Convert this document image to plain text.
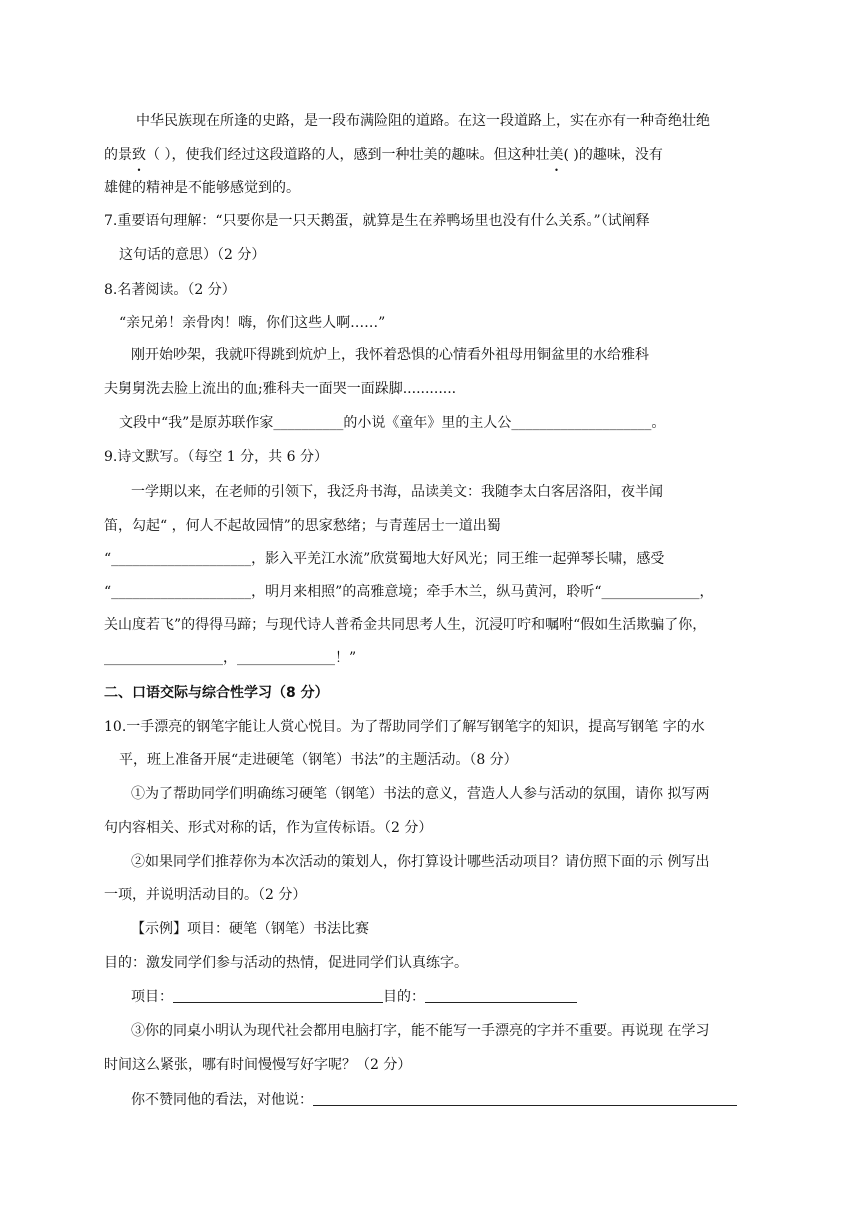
中华民族现在所逢的史路，是一段布满险阻的道路。在这一段道路上，实在亦有一种奇绝壮绝
的景致（ ），使我们经过这段道路的人，感到一种壮美的趣味。但这种壮美( )的趣味，没有
雄健的精神是不能够感觉到的。
7.重要语句理解：“只要你是一只天鹅蛋，就算是生在养鸭场里也没有什么关系。”（试阐释
这句话的意思）（2 分）
8.名著阅读。（2 分）
“亲兄弟！亲骨肉！嗨，你们这些人啊……”
刚开始吵架，我就吓得跳到炕炉上，我怀着恐惧的心情看外祖母用铜盆里的水给雅科
夫舅舅洗去脸上流出的血;雅科夫一面哭一面跺脚............
文段中“我”是原苏联作家__________的小说《童年》里的主人公____________________。
9.诗文默写。（每空 1 分，共 6 分）
一学期以来，在老师的引领下，我泛舟书海，品读美文：我随李太白客居洛阳，夜半闻
笛，勾起“ ，何人不起故园情”的思家愁绪；与青莲居士一道出蜀
“____________________，影入平羌江水流”欣赏蜀地大好风光；同王维一起弹琴长啸，感受
“____________________，明月来相照”的高雅意境；牵手木兰，纵马黄河，聆听“______________，
关山度若飞”的得得马蹄；与现代诗人普希金共同思考人生，沉浸叮咛和嘱咐“假如生活欺骗了你，
_________________，______________！”
二、口语交际与综合性学习（8 分）
10.一手漂亮的钢笔字能让人赏心悦目。为了帮助同学们了解写钢笔字的知识，提高写钢笔 字的水
平，班上准备开展“走进硬笔（钢笔）书法”的主题活动。（8 分）
①为了帮助同学们明确练习硬笔（钢笔）书法的意义，营造人人参与活动的氛围，请你 拟写两
句内容相关、形式对称的话，作为宣传标语。（2 分）
②如果同学们推荐你为本次活动的策划人，你打算设计哪些活动项目？请仿照下面的示 例写出
一项，并说明活动目的。（2 分）
【示例】项目：硬笔（钢笔）书法比赛
目的：激发同学们参与活动的热情，促进同学们认真练字。
项目：	目的：
③你的同桌小明认为现代社会都用电脑打字，能不能写一手漂亮的字并不重要。再说现 在学习
时间这么紧张，哪有时间慢慢写好字呢？（2 分）
你不赞同他的看法，对他说：
